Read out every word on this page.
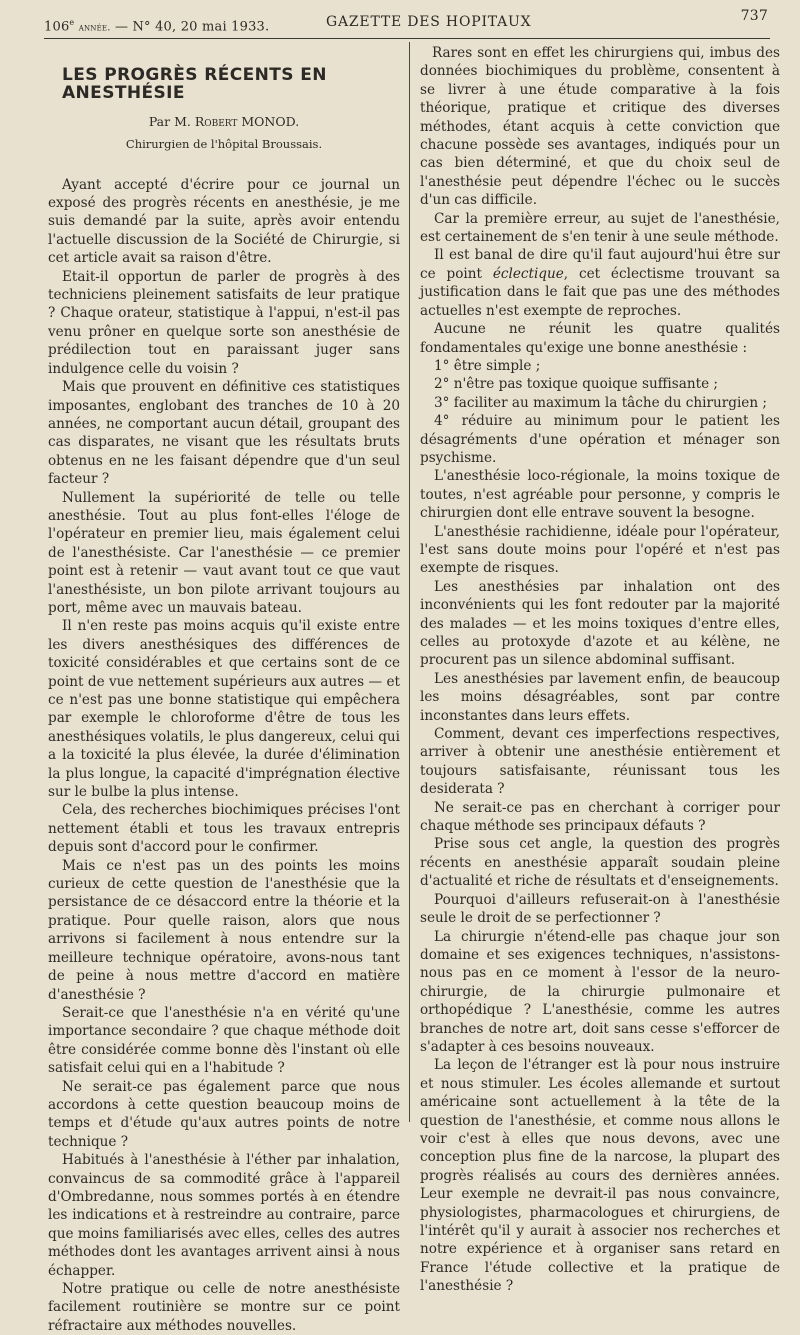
106e année. — N° 40, 20 mai 1933.	GAZETTE DES HOPITAUX	737
LES PROGRÈS RÉCENTS EN ANESTHÉSIE
Par M. Robert MONOD.
Chirurgien de l'hôpital Broussais.

Ayant accepté d'écrire pour ce journal un exposé des progrès récents en anesthésie, je me suis demandé par la suite, après avoir entendu l'actuelle discussion de la Société de Chirurgie, si cet article avait sa raison d'être.

Etait-il opportun de parler de progrès à des techniciens pleinement satisfaits de leur pratique ? Chaque orateur, statistique à l'appui, n'est-il pas venu prôner en quelque sorte son anesthésie de prédilection tout en paraissant juger sans indulgence celle du voisin ?

Mais que prouvent en définitive ces statistiques imposantes, englobant des tranches de 10 à 20 années, ne comportant aucun détail, groupant des cas disparates, ne visant que les résultats bruts obtenus en ne les faisant dépendre que d'un seul facteur ?

Nullement la supériorité de telle ou telle anesthésie. Tout au plus font-elles l'éloge de l'opérateur en premier lieu, mais également celui de l'anesthésiste. Car l'anesthésie — ce premier point est à retenir — vaut avant tout ce que vaut l'anesthésiste, un bon pilote arrivant toujours au port, même avec un mauvais bateau.

Il n'en reste pas moins acquis qu'il existe entre les divers anesthésiques des différences de toxicité considérables et que certains sont de ce point de vue nettement supérieurs aux autres — et ce n'est pas une bonne statistique qui empêchera par exemple le chloroforme d'être de tous les anesthésiques volatils, le plus dangereux, celui qui a la toxicité la plus élevée, la durée d'élimination la plus longue, la capacité d'imprégnation élective sur le bulbe la plus intense.

Cela, des recherches biochimiques précises l'ont nettement établi et tous les travaux entrepris depuis sont d'accord pour le confirmer.

Mais ce n'est pas un des points les moins curieux de cette question de l'anesthésie que la persistance de ce désaccord entre la théorie et la pratique. Pour quelle raison, alors que nous arrivons si facilement à nous entendre sur la meilleure technique opératoire, avons-nous tant de peine à nous mettre d'accord en matière d'anesthésie ?

Serait-ce que l'anesthésie n'a en vérité qu'une importance secondaire ? que chaque méthode doit être considérée comme bonne dès l'instant où elle satisfait celui qui en a l'habitude ?

Ne serait-ce pas également parce que nous accordons à cette question beaucoup moins de temps et d'étude qu'aux autres points de notre technique ?

Habitués à l'anesthésie à l'éther par inhalation, convaincus de sa commodité grâce à l'appareil d'Ombredanne, nous sommes portés à en étendre les indications et à restreindre au contraire, parce que moins familiarisés avec elles, celles des autres méthodes dont les avantages arrivent ainsi à nous échapper.

Notre pratique ou celle de notre anesthésiste facilement routinière se montre sur ce point réfractaire aux méthodes nouvelles.

Rares sont en effet les chirurgiens qui, imbus des données biochimiques du problème, consentent à se livrer à une étude comparative à la fois théorique, pratique et critique des diverses méthodes, étant acquis à cette conviction que chacune possède ses avantages, indiqués pour un cas bien déterminé, et que du choix seul de l'anesthésie peut dépendre l'échec ou le succès d'un cas difficile.

Car la première erreur, au sujet de l'anesthésie, est certainement de s'en tenir à une seule méthode.

Il est banal de dire qu'il faut aujourd'hui être sur ce point éclectique, cet éclectisme trouvant sa justification dans le fait que pas une des méthodes actuelles n'est exempte de reproches.

Aucune ne réunit les quatre qualités fondamentales qu'exige une bonne anesthésie :

1° être simple ;

2° n'être pas toxique quoique suffisante ;

3° faciliter au maximum la tâche du chirurgien ;

4° réduire au minimum pour le patient les désagréments d'une opération et ménager son psychisme.

L'anesthésie loco-régionale, la moins toxique de toutes, n'est agréable pour personne, y compris le chirurgien dont elle entrave souvent la besogne.

L'anesthésie rachidienne, idéale pour l'opérateur, l'est sans doute moins pour l'opéré et n'est pas exempte de risques.

Les anesthésies par inhalation ont des inconvénients qui les font redouter par la majorité des malades — et les moins toxiques d'entre elles, celles au protoxyde d'azote et au kélène, ne procurent pas un silence abdominal suffisant.

Les anesthésies par lavement enfin, de beaucoup les moins désagréables, sont par contre inconstantes dans leurs effets.

Comment, devant ces imperfections respectives, arriver à obtenir une anesthésie entièrement et toujours satisfaisante, réunissant tous les desiderata ?

Ne serait-ce pas en cherchant à corriger pour chaque méthode ses principaux défauts ?

Prise sous cet angle, la question des progrès récents en anesthésie apparaît soudain pleine d'actualité et riche de résultats et d'enseignements.

Pourquoi d'ailleurs refuserait-on à l'anesthésie seule le droit de se perfectionner ?

La chirurgie n'étend-elle pas chaque jour son domaine et ses exigences techniques, n'assistons-nous pas en ce moment à l'essor de la neuro-chirurgie, de la chirurgie pulmonaire et orthopédique ? L'anesthésie, comme les autres branches de notre art, doit sans cesse s'efforcer de s'adapter à ces besoins nouveaux.

La leçon de l'étranger est là pour nous instruire et nous stimuler. Les écoles allemande et surtout américaine sont actuellement à la tête de la question de l'anesthésie, et comme nous allons le voir c'est à elles que nous devons, avec une conception plus fine de la narcose, la plupart des progrès réalisés au cours des dernières années. Leur exemple ne devrait-il pas nous convaincre, physiologistes, pharmacologues et chirurgiens, de l'intérêt qu'il y aurait à associer nos recherches et notre expérience et à organiser sans retard en France l'étude collective et la pratique de l'anesthésie ?
